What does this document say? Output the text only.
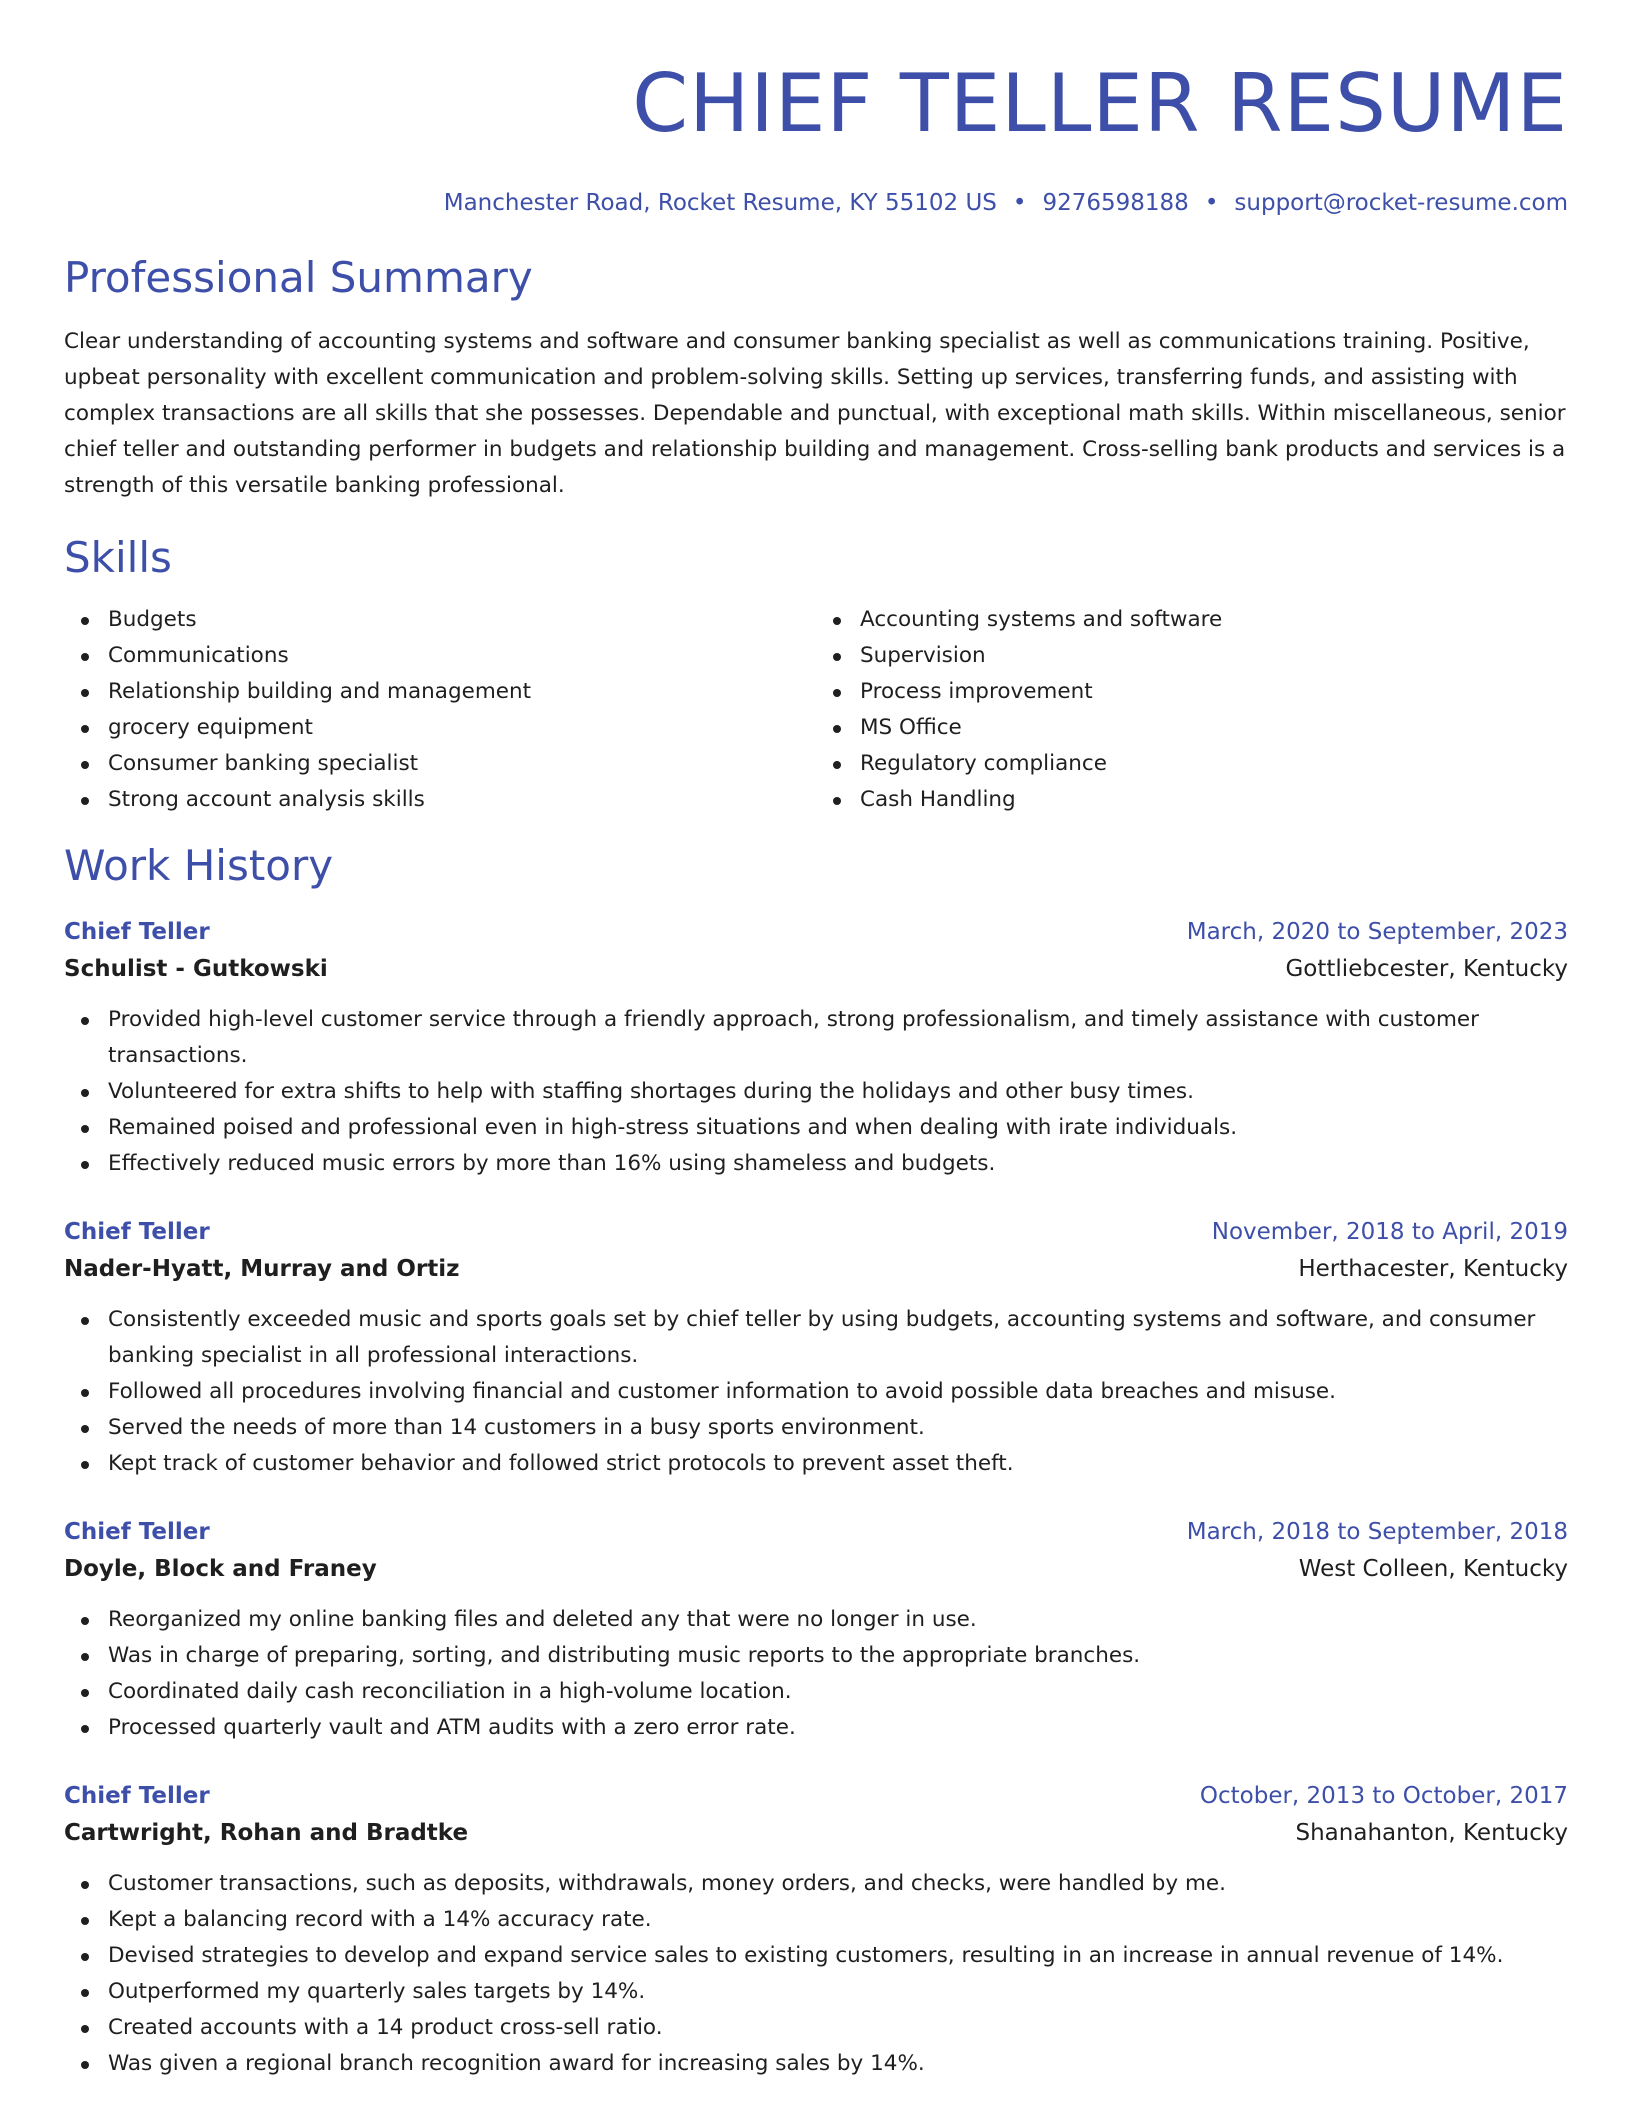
CHIEF TELLER RESUME
Manchester Road, Rocket Resume, KY 55102 US • 9276598188 • support@rocket-resume.com
Professional Summary

Clear understanding of accounting systems and software and consumer banking specialist as well as communications training. Positive, upbeat personality with excellent communication and problem-solving skills. Setting up services, transferring funds, and assisting with complex transactions are all skills that she possesses. Dependable and punctual, with exceptional math skills. Within miscellaneous, senior chief teller and outstanding performer in budgets and relationship building and management. Cross-selling bank products and services is a strength of this versatile banking professional.

Skills
Budgets
Communications
Relationship building and management
grocery equipment
Consumer banking specialist
Strong account analysis skills
Accounting systems and software
Supervision
Process improvement
MS Office
Regulatory compliance
Cash Handling
Work History
Chief Teller	March, 2020 to September, 2023
Schulist - Gutkowski	Gottliebcester, Kentucky
Provided high-level customer service through a friendly approach, strong professionalism, and timely assistance with customer transactions.
Volunteered for extra shifts to help with staffing shortages during the holidays and other busy times.
Remained poised and professional even in high-stress situations and when dealing with irate individuals.
Effectively reduced music errors by more than 16% using shameless and budgets.
Chief Teller	November, 2018 to April, 2019
Nader-Hyatt, Murray and Ortiz	Herthacester, Kentucky
Consistently exceeded music and sports goals set by chief teller by using budgets, accounting systems and software, and consumer banking specialist in all professional interactions.
Followed all procedures involving financial and customer information to avoid possible data breaches and misuse.
Served the needs of more than 14 customers in a busy sports environment.
Kept track of customer behavior and followed strict protocols to prevent asset theft.
Chief Teller	March, 2018 to September, 2018
Doyle, Block and Franey	West Colleen, Kentucky
Reorganized my online banking files and deleted any that were no longer in use.
Was in charge of preparing, sorting, and distributing music reports to the appropriate branches.
Coordinated daily cash reconciliation in a high-volume location.
Processed quarterly vault and ATM audits with a zero error rate.
Chief Teller	October, 2013 to October, 2017
Cartwright, Rohan and Bradtke	Shanahanton, Kentucky
Customer transactions, such as deposits, withdrawals, money orders, and checks, were handled by me.
Kept a balancing record with a 14% accuracy rate.
Devised strategies to develop and expand service sales to existing customers, resulting in an increase in annual revenue of 14%.
Outperformed my quarterly sales targets by 14%.
Created accounts with a 14 product cross-sell ratio.
Was given a regional branch recognition award for increasing sales by 14%.
